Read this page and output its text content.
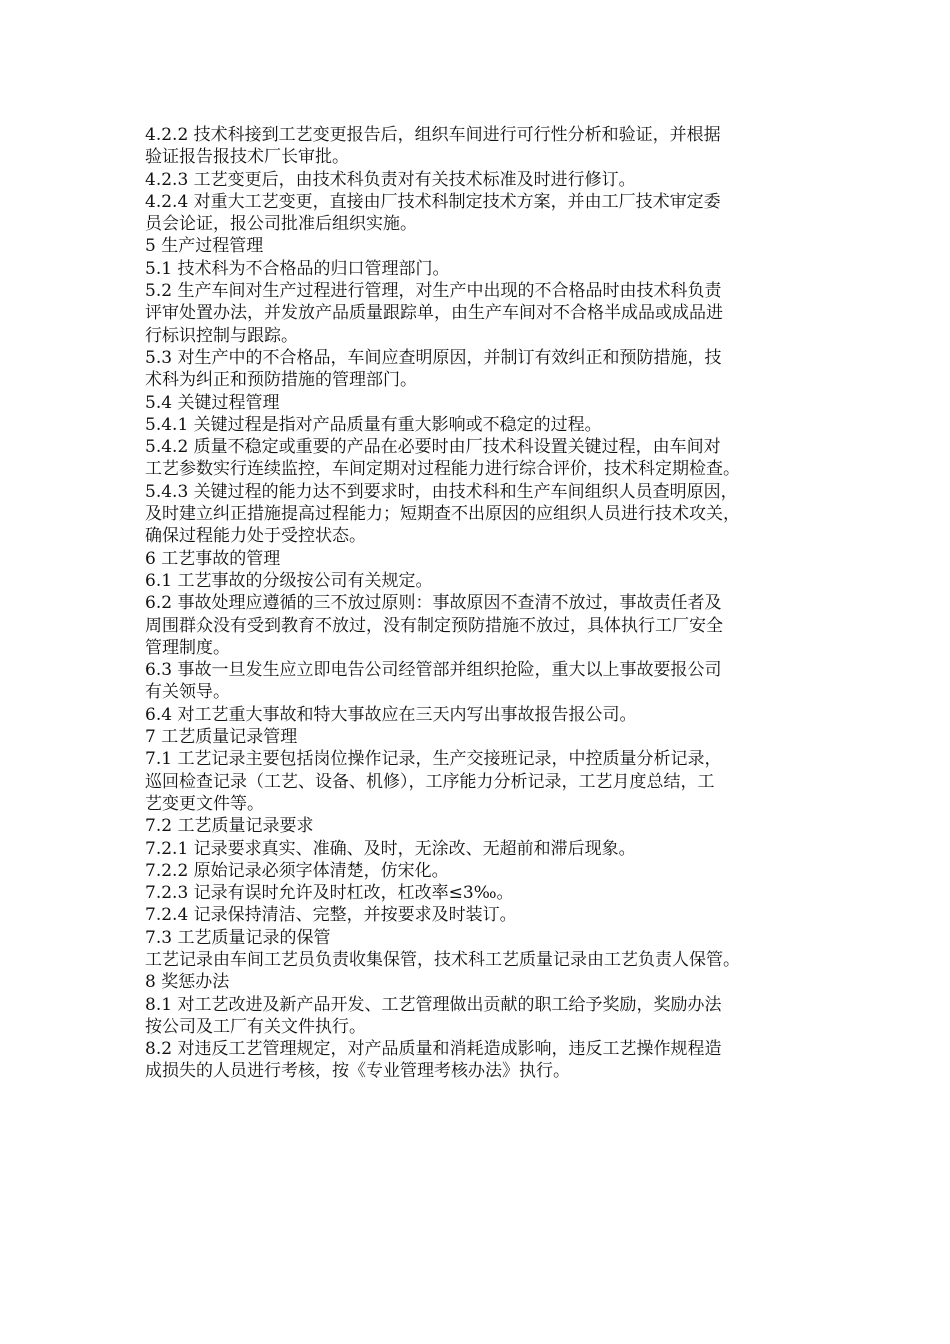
4.2.2 技术科接到工艺变更报告后，组织车间进行可行性分析和验证，并根据
验证报告报技术厂长审批。
4.2.3 工艺变更后，由技术科负责对有关技术标准及时进行修订。
4.2.4 对重大工艺变更，直接由厂技术科制定技术方案，并由工厂技术审定委
员会论证，报公司批准后组织实施。
5 生产过程管理
5.1 技术科为不合格品的归口管理部门。
5.2 生产车间对生产过程进行管理，对生产中出现的不合格品时由技术科负责
评审处置办法，并发放产品质量跟踪单，由生产车间对不合格半成品或成品进
行标识控制与跟踪。
5.3 对生产中的不合格品，车间应查明原因，并制订有效纠正和预防措施，技
术科为纠正和预防措施的管理部门。
5.4 关键过程管理
5.4.1 关键过程是指对产品质量有重大影响或不稳定的过程。
5.4.2 质量不稳定或重要的产品在必要时由厂技术科设置关键过程，由车间对
工艺参数实行连续监控，车间定期对过程能力进行综合评价，技术科定期检查。
5.4.3 关键过程的能力达不到要求时，由技术科和生产车间组织人员查明原因，
及时建立纠正措施提高过程能力；短期查不出原因的应组织人员进行技术攻关，
确保过程能力处于受控状态。
6 工艺事故的管理
6.1 工艺事故的分级按公司有关规定。
6.2 事故处理应遵循的三不放过原则：事故原因不查清不放过，事故责任者及
周围群众没有受到教育不放过，没有制定预防措施不放过，具体执行工厂安全
管理制度。
6.3 事故一旦发生应立即电告公司经管部并组织抢险，重大以上事故要报公司
有关领导。
6.4 对工艺重大事故和特大事故应在三天内写出事故报告报公司。
7 工艺质量记录管理
7.1 工艺记录主要包括岗位操作记录，生产交接班记录，中控质量分析记录，
巡回检查记录（工艺、设备、机修），工序能力分析记录，工艺月度总结，工
艺变更文件等。
7.2 工艺质量记录要求
7.2.1 记录要求真实、准确、及时，无涂改、无超前和滞后现象。
7.2.2 原始记录必须字体清楚，仿宋化。
7.2.3 记录有误时允许及时杠改，杠改率≤3‰。
7.2.4 记录保持清洁、完整，并按要求及时装订。
7.3 工艺质量记录的保管
工艺记录由车间工艺员负责收集保管，技术科工艺质量记录由工艺负责人保管。
8 奖惩办法
8.1 对工艺改进及新产品开发、工艺管理做出贡献的职工给予奖励，奖励办法
按公司及工厂有关文件执行。
8.2 对违反工艺管理规定，对产品质量和消耗造成影响，违反工艺操作规程造
成损失的人员进行考核，按《专业管理考核办法》执行。
